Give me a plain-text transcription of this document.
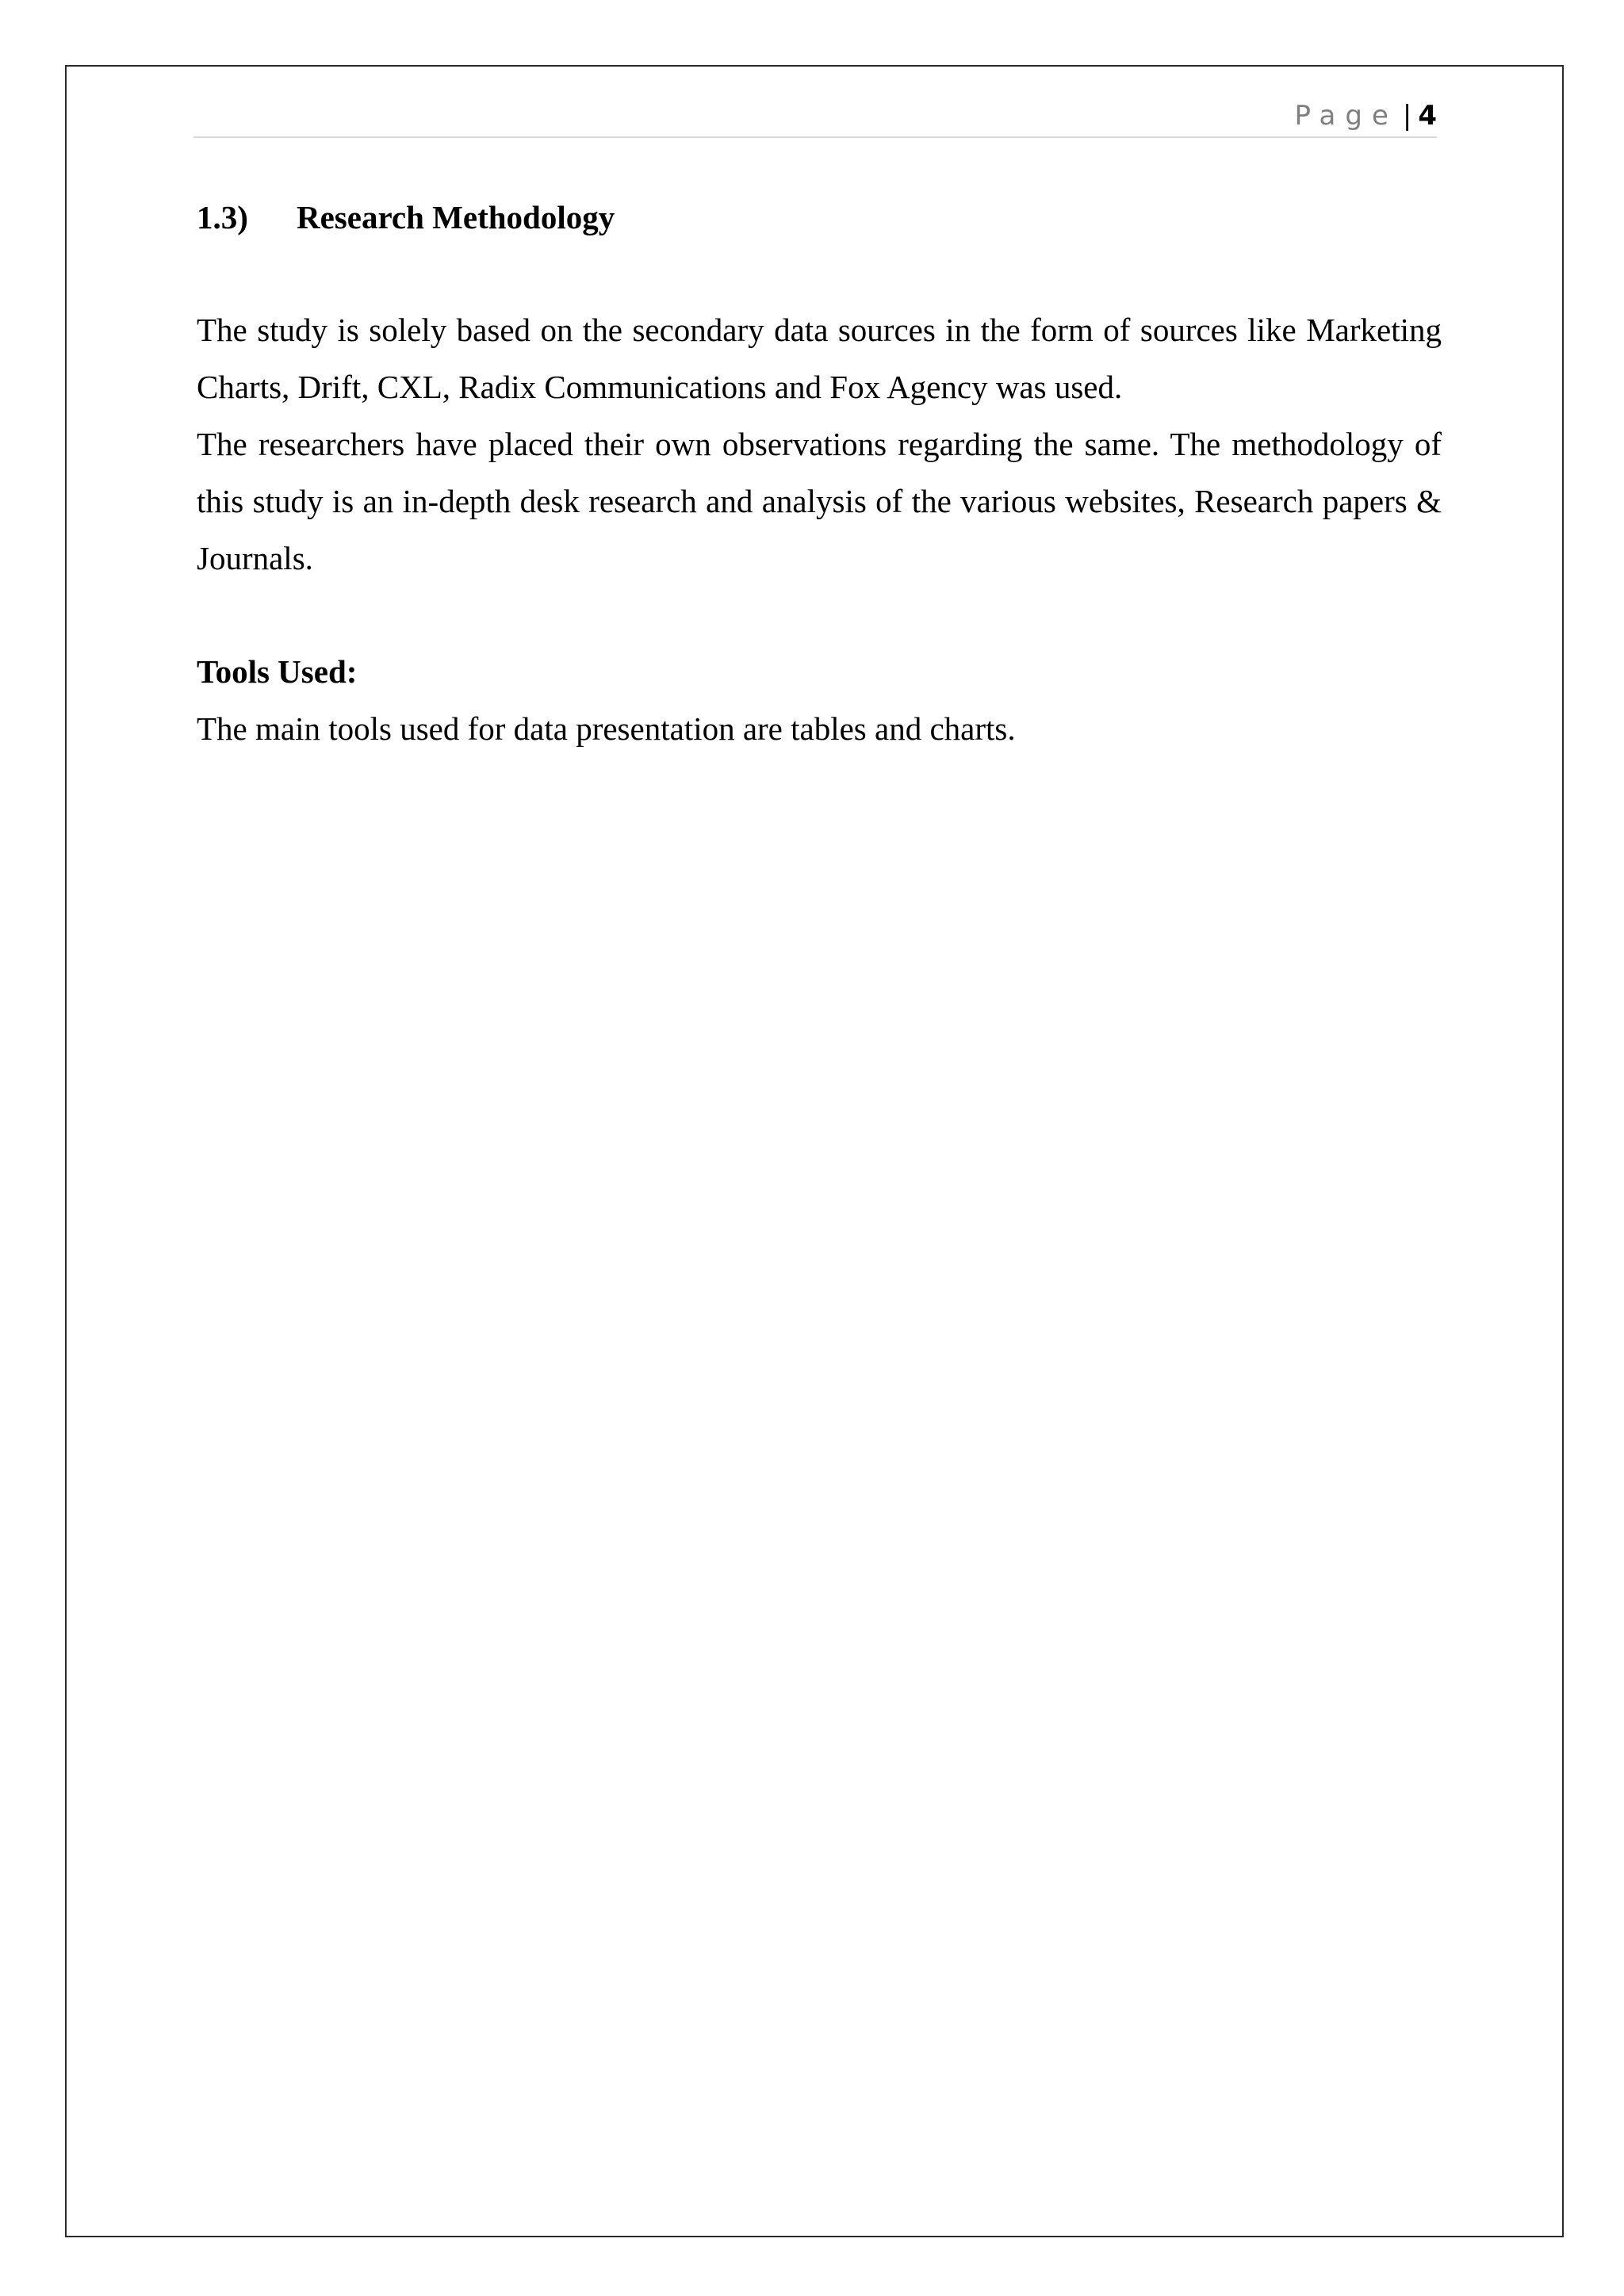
Page | 4
1.3) Research Methodology
The study is solely based on the secondary data sources in the form of sources like Marketing Charts, Drift, CXL, Radix Communications and Fox Agency was used.
The researchers have placed their own observations regarding the same. The methodology of this study is an in-depth desk research and analysis of the various websites, Research papers & Journals.
Tools Used:
The main tools used for data presentation are tables and charts.
